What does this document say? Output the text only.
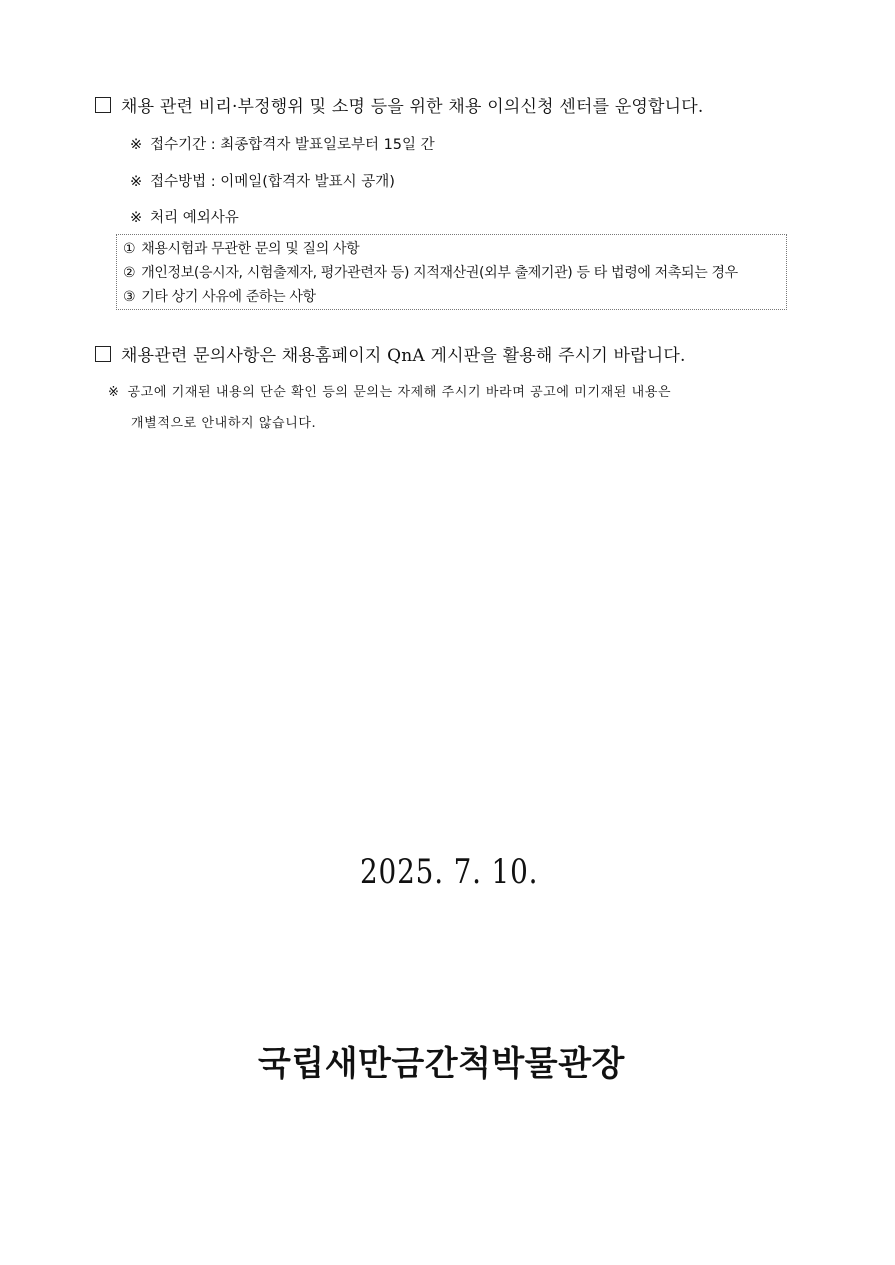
채용 관련 비리·부정행위 및 소명 등을 위한 채용 이의신청 센터를 운영합니다.
※ 접수기간 : 최종합격자 발표일로부터 15일 간
※ 접수방법 : 이메일(합격자 발표시 공개)
※ 처리 예외사유
① 채용시험과 무관한 문의 및 질의 사항
② 개인정보(응시자, 시험출제자, 평가관련자 등) 지적재산권(외부 출제기관) 등 타 법령에 저촉되는 경우
③ 기타 상기 사유에 준하는 사항
채용관련 문의사항은 채용홈페이지 QnA 게시판을 활용해 주시기 바랍니다.
※ 공고에 기재된 내용의 단순 확인 등의 문의는 자제해 주시기 바라며 공고에 미기재된 내용은
개별적으로 안내하지 않습니다.
2025. 7. 10.
국립새만금간척박물관장
